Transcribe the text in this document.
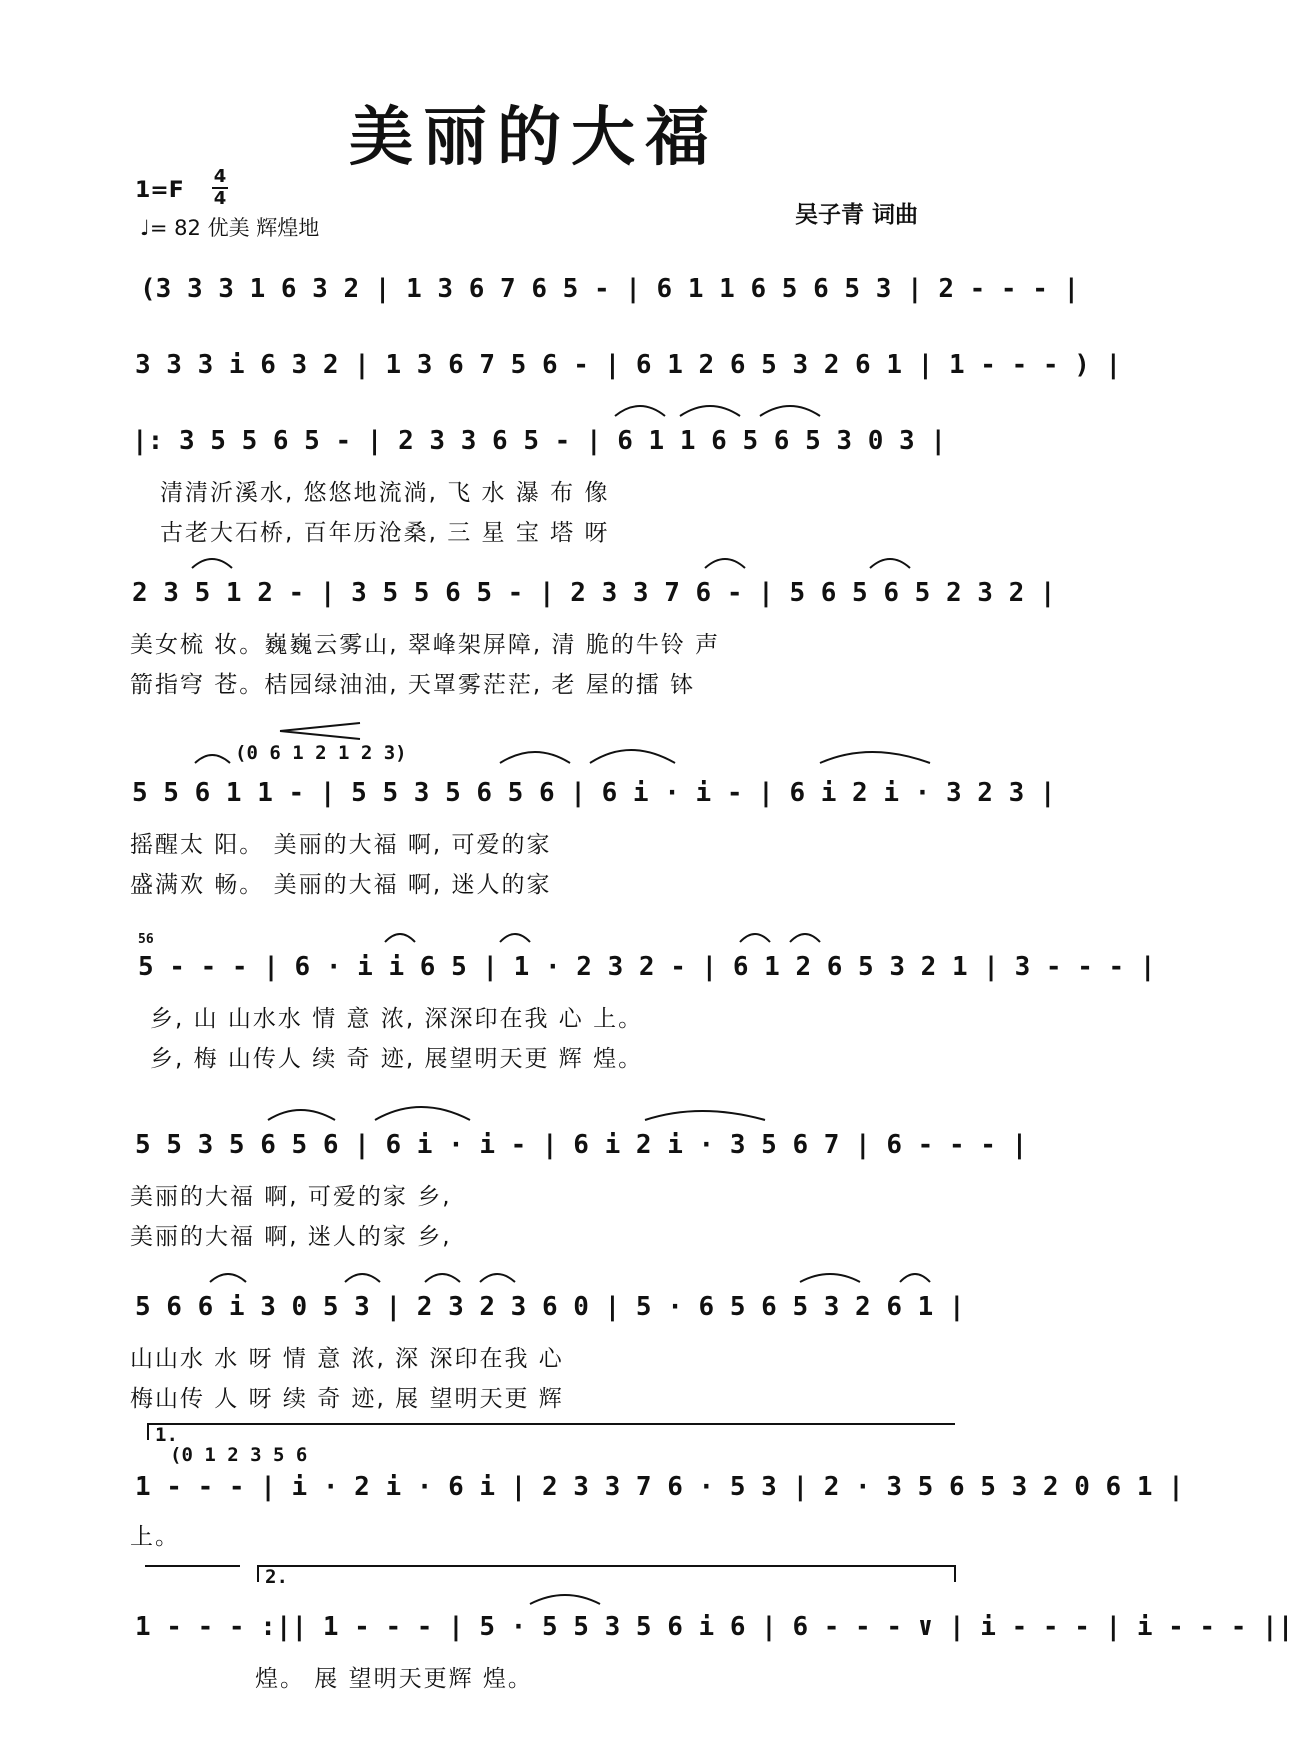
美丽的大福
1=F
4
4
♩= 82 优美 辉煌地	吴子青 词曲
(3 3 3 1 6 3 2 | 1 3 6 7 6 5 - | 6 1 1 6 5 6 5 3 | 2 - - - |
3 3 3 i 6 3 2 | 1 3 6 7 5 6 - | 6 1 2 6 5 3 2 6 1 | 1 - - - ) |
|: 3 5 5 6 5 - | 2 3 3 6 5 - | 6 1 1 6 5 6 5 3 0 3 |
清清沂溪水, 悠悠地流淌, 飞 水 瀑 布 像
古老大石桥, 百年历沧桑, 三 星 宝 塔 呀
2 3 5 1 2 - | 3 5 5 6 5 - | 2 3 3 7 6 - | 5 6 5 6 5 2 3 2 |
美女梳 妆。巍巍云雾山, 翠峰架屏障, 清 脆的牛铃 声
箭指穹 苍。桔园绿油油, 天罩雾茫茫, 老 屋的擂 钵
(0 6 1 2 1 2 3)
5 5 6 1 1 - | 5 5 3 5 6 5 6 | 6 i · i - | 6 i 2 i · 3 2 3 |
摇醒太 阳。 美丽的大福 啊, 可爱的家
盛满欢 畅。 美丽的大福 啊, 迷人的家
56
5 - - - | 6 · i i 6 5 | 1 · 2 3 2 - | 6 1 2 6 5 3 2 1 | 3 - - - |
乡, 山 山水水 情 意 浓, 深深印在我 心 上。
乡, 梅 山传人 续 奇 迹, 展望明天更 辉 煌。
5 5 3 5 6 5 6 | 6 i · i - | 6 i 2 i · 3 5 6 7 | 6 - - - |
美丽的大福 啊, 可爱的家 乡,
美丽的大福 啊, 迷人的家 乡,
5 6 6 i 3 0 5 3 | 2 3 2 3 6 0 | 5 · 6 5 6 5 3 2 6 1 |
山山水 水 呀 情 意 浓, 深 深印在我 心
梅山传 人 呀 续 奇 迹, 展 望明天更 辉
1.
(0 1 2 3 5 6
1 - - - | i · 2 i · 6 i | 2 3 3 7 6 · 5 3 | 2 · 3 5 6 5 3 2 0 6 1 |
上。
2.
1 - - - :|| 1 - - - | 5 · 5 5 3 5 6 i 6 | 6 - - - ∨ | i - - - | i - - - ||
煌。 展 望明天更辉 煌。
